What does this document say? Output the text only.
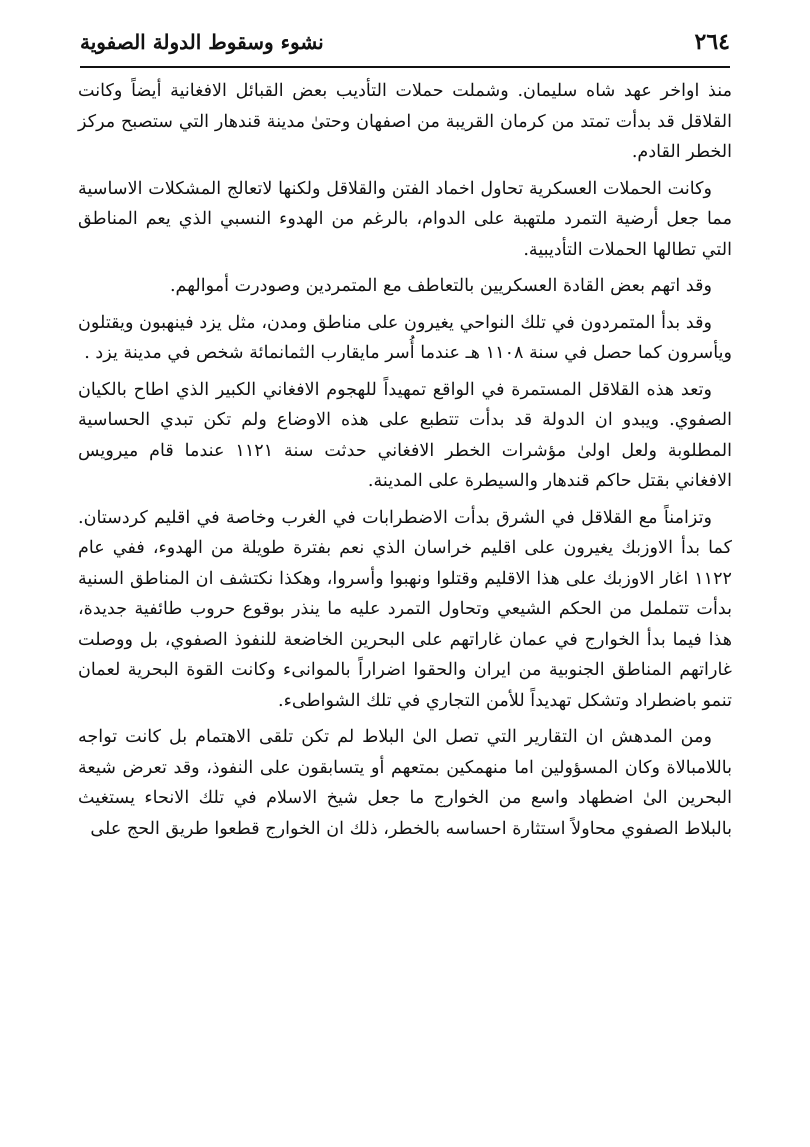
٢٦٤
نشوء وسقوط الدولة الصفوية

منذ اواخر عهد شاه سليمان. وشملت حملات التأديب بعض القبائل الافغانية أيضاً وكانت القلاقل قد بدأت تمتد من كرمان القريبة من اصفهان وحتىٰ مدينة قندهار التي ستصبح مركز الخطر القادم.

وكانت الحملات العسكرية تحاول اخماد الفتن والقلاقل ولكنها لاتعالج المشكلات الاساسية مما جعل أرضية التمرد ملتهبة على الدوام، بالرغم من الهدوء النسبي الذي يعم المناطق التي تطالها الحملات التأديبية.

وقد اتهم بعض القادة العسكريين بالتعاطف مع المتمردين وصودرت أموالهم.

وقد بدأ المتمردون في تلك النواحي يغيرون على مناطق ومدن، مثل يزد فينهبون ويقتلون ويأسرون كما حصل في سنة ١١٠٨ هـ عندما أُسر مايقارب الثمانمائة شخص في مدينة يزد .

وتعد هذه القلاقل المستمرة في الواقع تمهيداً للهجوم الافغاني الكبير الذي اطاح بالكيان الصفوي. ويبدو ان الدولة قد بدأت تتطبع على هذه الاوضاع ولم تكن تبدي الحساسية المطلوبة ولعل اولىٰ مؤشرات الخطر الافغاني حدثت سنة ١١٢١ عندما قام ميرويس الافغاني بقتل حاكم قندهار والسيطرة على المدينة.

وتزامناً مع القلاقل في الشرق بدأت الاضطرابات في الغرب وخاصة في اقليم كردستان. كما بدأ الاوزبك يغيرون على اقليم خراسان الذي نعم بفترة طويلة من الهدوء، ففي عام ١١٢٢ اغار الاوزبك على هذا الاقليم وقتلوا ونهبوا وأسروا، وهكذا نكتشف ان المناطق السنية بدأت تتململ من الحكم الشيعي وتحاول التمرد عليه ما ينذر بوقوع حروب طائفية جديدة، هذا فيما بدأ الخوارج في عمان غاراتهم على البحرين الخاضعة للنفوذ الصفوي، بل ووصلت غاراتهم المناطق الجنوبية من ايران والحقوا اضراراً بالموانىء وكانت القوة البحرية لعمان تنمو باضطراد وتشكل تهديداً للأمن التجاري في تلك الشواطىء.

ومن المدهش ان التقارير التي تصل الىٰ البلاط لم تكن تلقى الاهتمام بل كانت تواجه باللامبالاة وكان المسؤولين اما منهمكين بمتعهم أو يتسابقون على النفوذ، وقد تعرض شيعة البحرين الىٰ اضطهاد واسع من الخوارج ما جعل شيخ الاسلام في تلك الانحاء يستغيث بالبلاط الصفوي محاولاً استثارة احساسه بالخطر، ذلك ان الخوارج قطعوا طريق الحج على
